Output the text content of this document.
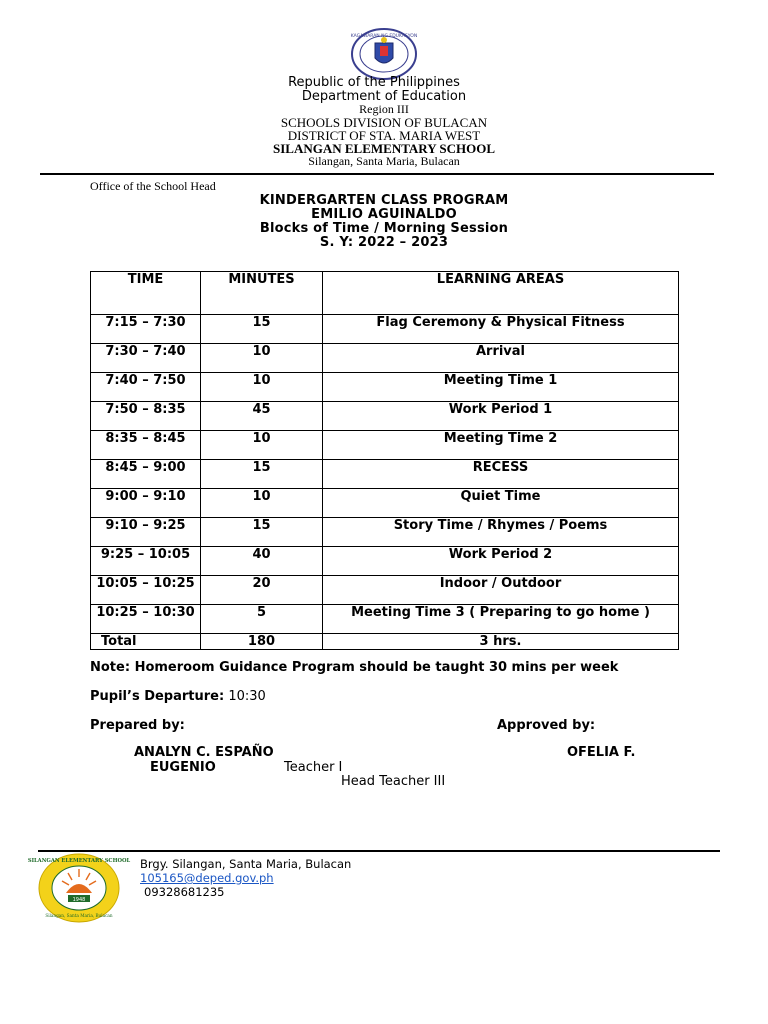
KAGAWARAN NG EDUKASYON
Republic of the Philippines
Department of Education
Region III
SCHOOLS DIVISION OF BULACAN
DISTRICT OF STA. MARIA WEST
SILANGAN ELEMENTARY SCHOOL
Silangan, Santa Maria, Bulacan
Office of the School Head
KINDERGARTEN CLASS PROGRAM
EMILIO AGUINALDO
Blocks of Time / Morning Session
S. Y: 2022 – 2023
TIME	MINUTES	LEARNING AREAS
7:15 – 7:30	15	Flag Ceremony & Physical Fitness
7:30 – 7:40	10	Arrival
7:40 – 7:50	10	Meeting Time 1
7:50 – 8:35	45	Work Period 1
8:35 – 8:45	10	Meeting Time 2
8:45 – 9:00	15	RECESS
9:00 – 9:10	10	Quiet Time
9:10 – 9:25	15	Story Time / Rhymes / Poems
9:25 – 10:05	40	Work Period 2
10:05 – 10:25	20	Indoor / Outdoor
10:25 – 10:30	5	Meeting Time 3 ( Preparing to go home )
Total	180	3 hrs.
Note: Homeroom Guidance Program should be taught 30 mins per week
Pupil’s Departure: 10:30
Prepared by:	Approved by:
ANALYN C. ESPAÑO	OFELIA F.
EUGENIO	Teacher I
Head Teacher III
1948
SILANGAN ELEMENTARY SCHOOL
Silangan, Santa Maria, Bulacan
Brgy. Silangan, Santa Maria, Bulacan
105165@deped.gov.ph
09328681235
